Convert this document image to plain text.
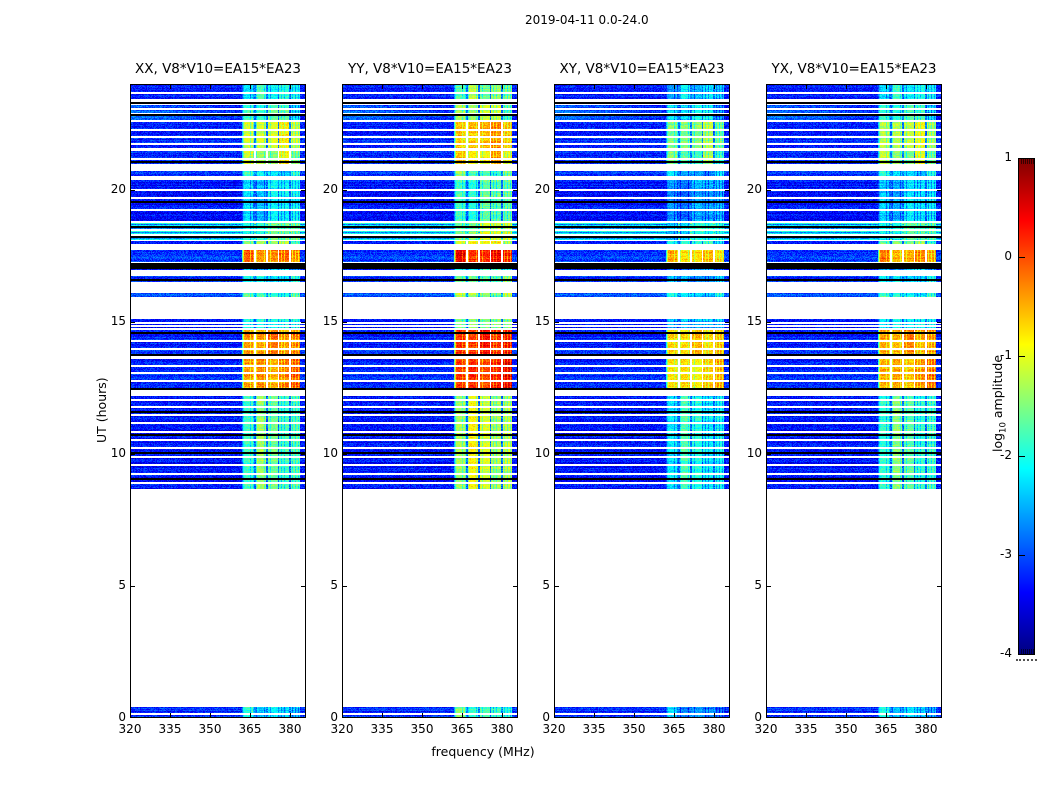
2019-04-11 0.0-24.0
XX, V8*V10=EA15*EA23	YY, V8*V10=EA15*EA23	XY, V8*V10=EA15*EA23	YX, V8*V10=EA15*EA23
UT (hours)
frequency (MHz)
$\log_{10}$ amplitude
320	335	350	365	380
0
5
10
15
20
320	335	350	365	380
0
5
10
15
20
320	335	350	365	380
0
5
10
15
20
320	335	350	365	380
0
5
10
15
20
1
0
-1
-2
-3
-4
